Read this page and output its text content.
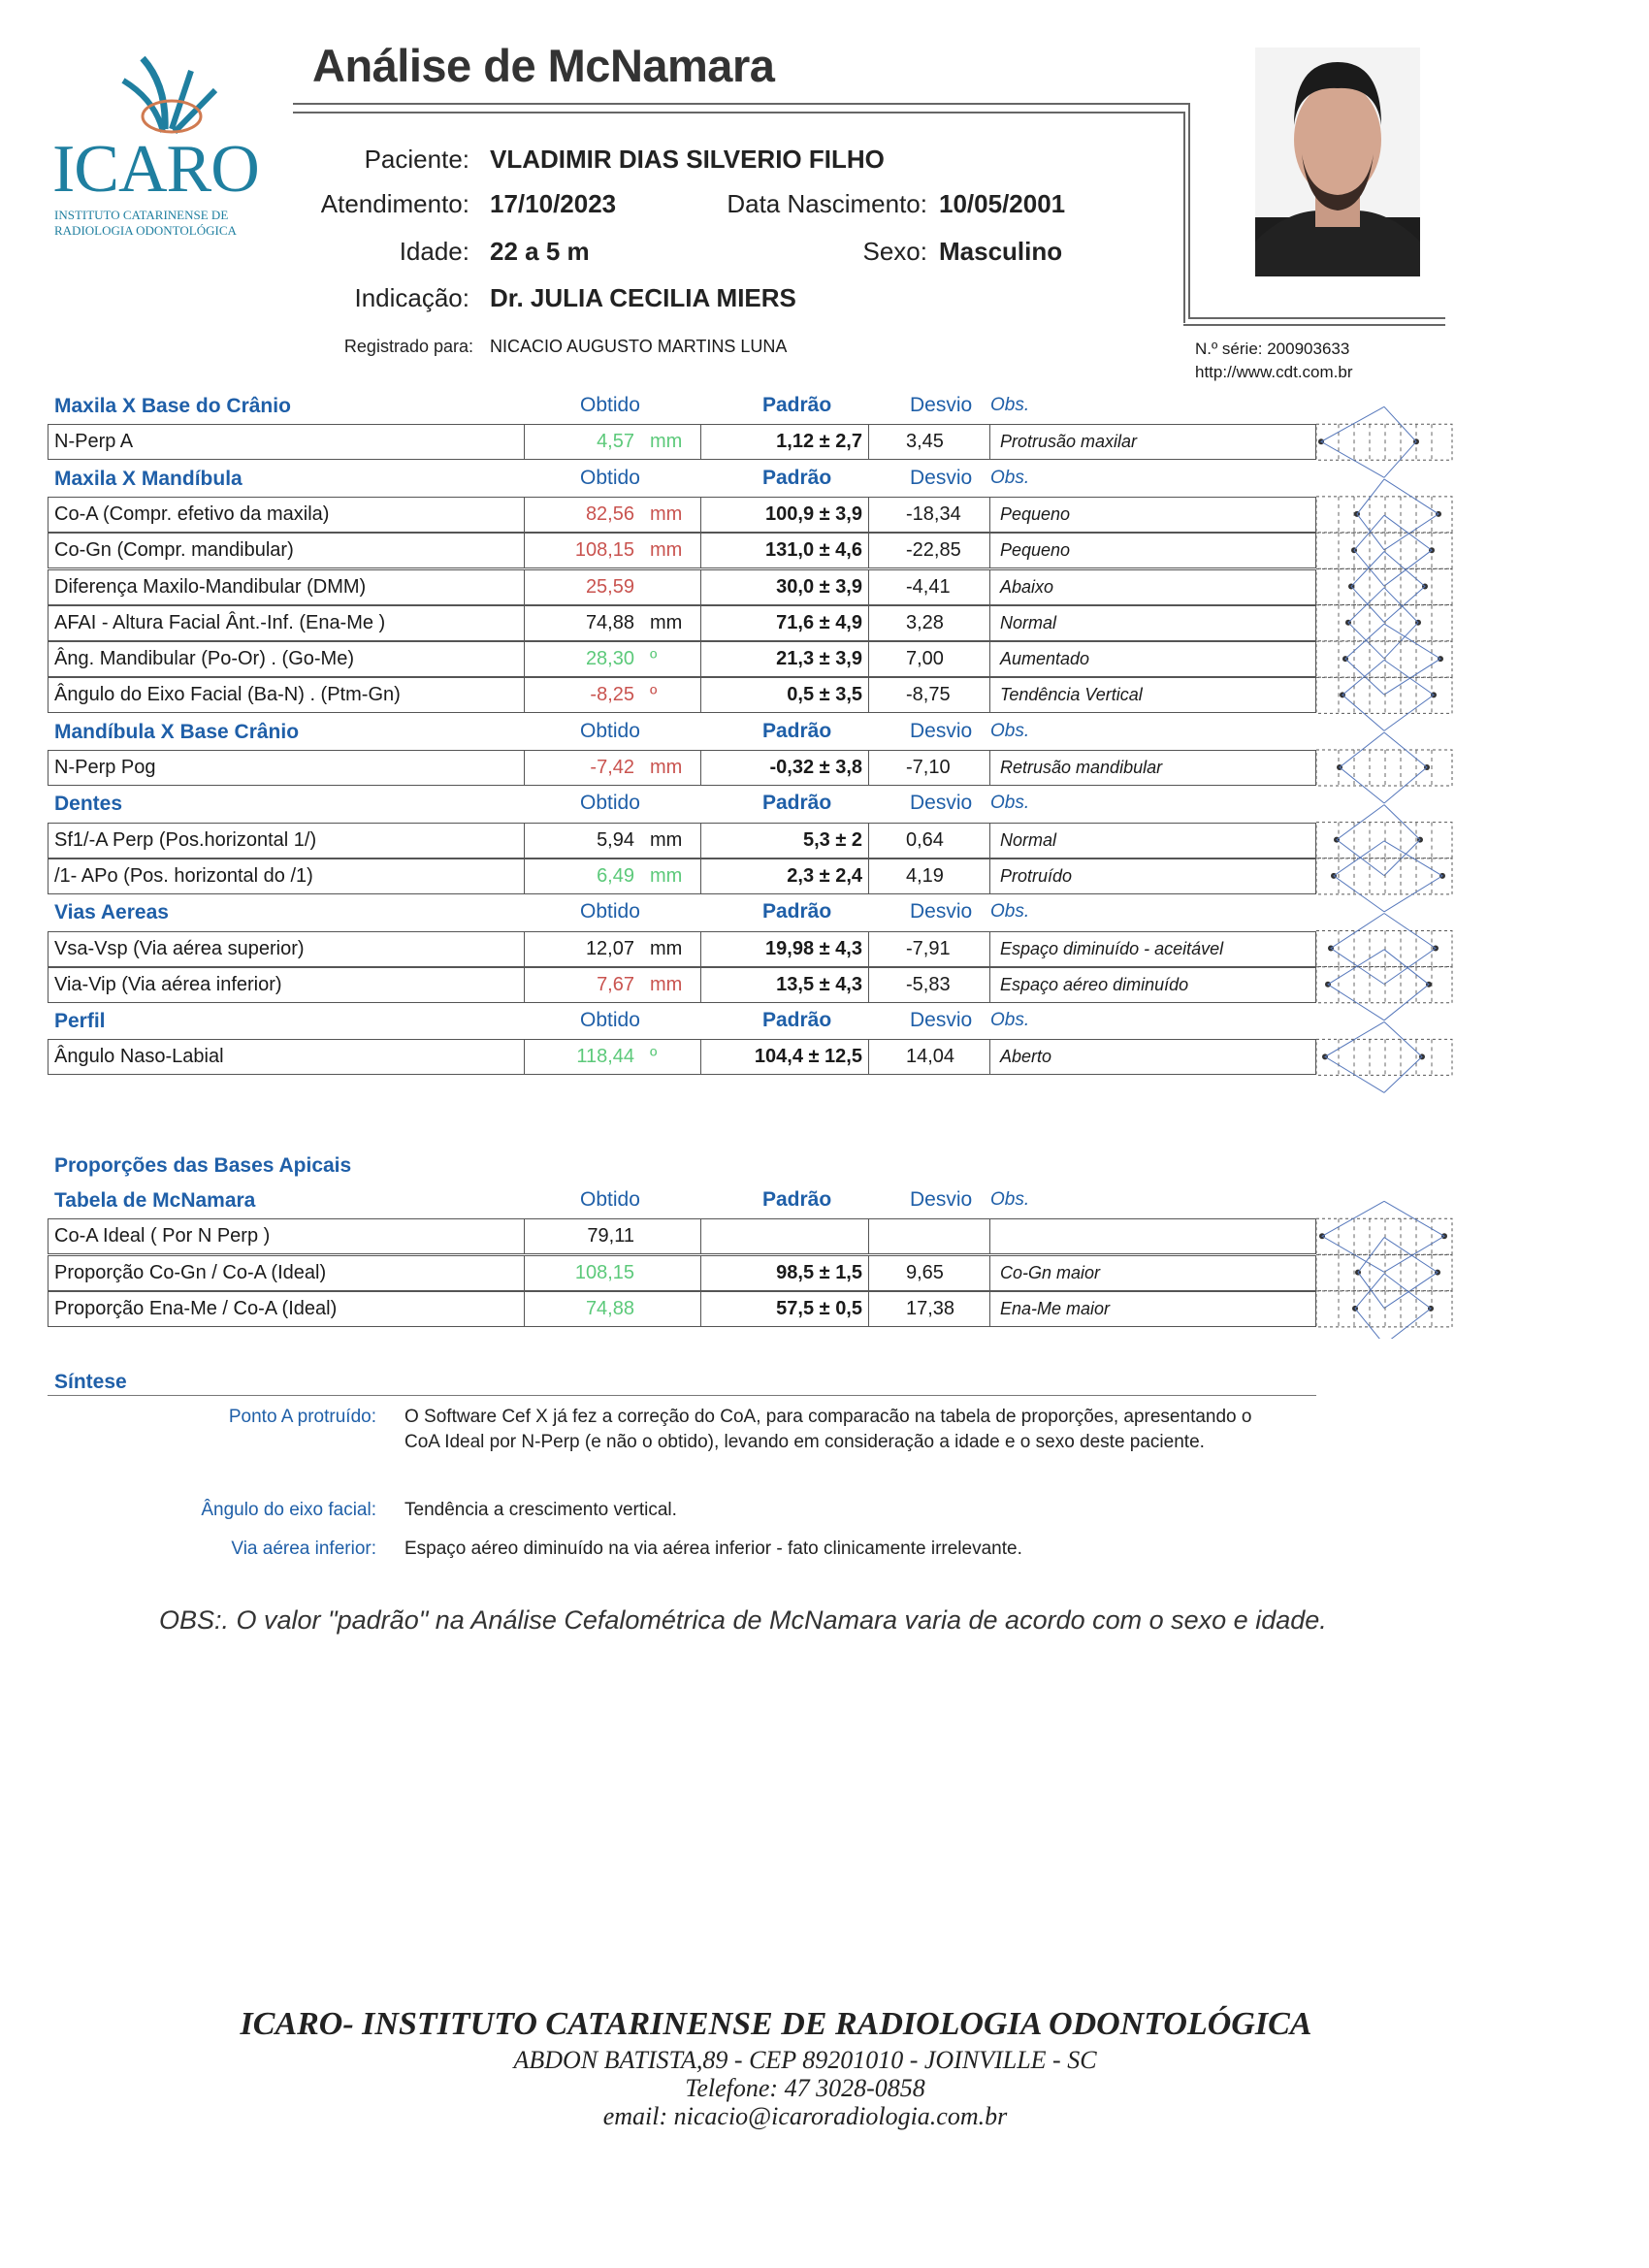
ICARO
INSTITUTO CATARINENSE DE
RADIOLOGIA ODONTOLÓGICA
Análise de McNamara
Paciente: VLADIMIR DIAS SILVERIO FILHO
Atendimento: 17/10/2023	Data Nascimento: 10/05/2001
Idade: 22 a 5 m	Sexo: Masculino
Indicação: Dr. JULIA CECILIA MIERS
Registrado para: NICACIO AUGUSTO MARTINS LUNA	N.º série: 200903633
http://www.cdt.com.br
Maxila X Base do Crânio	Obtido	Padrão	Desvio Obs.
N-Perp A	4,57 mm	1,12 ± 2,7	3,45	Protrusão maxilar
Maxila X Mandíbula	Obtido	Padrão	Desvio Obs.
Co-A (Compr. efetivo da maxila)	82,56 mm	100,9 ± 3,9	-18,34	Pequeno
Co-Gn (Compr. mandibular)	108,15 mm	131,0 ± 4,6	-22,85	Pequeno
Diferença Maxilo-Mandibular (DMM)	25,59	30,0 ± 3,9	-4,41	Abaixo
AFAI - Altura Facial Ânt.-Inf. (Ena-Me )	74,88 mm	71,6 ± 4,9	3,28	Normal
Âng. Mandibular (Po-Or) . (Go-Me)	28,30 º	21,3 ± 3,9	7,00	Aumentado
Ângulo do Eixo Facial (Ba-N) . (Ptm-Gn)	-8,25 º	0,5 ± 3,5	-8,75	Tendência Vertical
Mandíbula X Base Crânio	Obtido	Padrão	Desvio Obs.
N-Perp Pog	-7,42 mm	-0,32 ± 3,8	-7,10	Retrusão mandibular
Dentes	Obtido	Padrão	Desvio Obs.
Sf1/-A Perp (Pos.horizontal 1/)	5,94 mm	5,3 ± 2	0,64	Normal
/1- APo (Pos. horizontal do /1)	6,49 mm	2,3 ± 2,4	4,19	Protruído
Vias Aereas	Obtido	Padrão	Desvio Obs.
Vsa-Vsp (Via aérea superior)	12,07 mm	19,98 ± 4,3	-7,91	Espaço diminuído - aceitável
Via-Vip (Via aérea inferior)	7,67 mm	13,5 ± 4,3	-5,83	Espaço aéreo diminuído
Perfil	Obtido	Padrão	Desvio Obs.
Ângulo Naso-Labial	118,44 º	104,4 ± 12,5	14,04	Aberto
Proporções das Bases Apicais
Tabela de McNamara	Obtido	Padrão	Desvio Obs.
Co-A Ideal ( Por N Perp )	79,11
Proporção Co-Gn / Co-A (Ideal)	108,15	98,5 ± 1,5	9,65	Co-Gn maior
Proporção Ena-Me / Co-A (Ideal)	74,88	57,5 ± 0,5	17,38	Ena-Me maior
Síntese
Ponto A protruído: O Software Cef X já fez a correção do CoA, para comparacão na tabela de proporções, apresentando o CoA Ideal por N-Perp (e não o obtido), levando em consideração a idade e o sexo deste paciente.
Ângulo do eixo facial: Tendência a crescimento vertical.
Via aérea inferior: Espaço aéreo diminuído na via aérea inferior - fato clinicamente irrelevante.
OBS:. O valor "padrão" na Análise Cefalométrica de McNamara varia de acordo com o sexo e idade.
ICARO- INSTITUTO CATARINENSE DE RADIOLOGIA ODONTOLÓGICA
ABDON BATISTA,89 - CEP 89201010 - JOINVILLE - SC
Telefone: 47 3028-0858
email: nicacio@icaroradiologia.com.br
